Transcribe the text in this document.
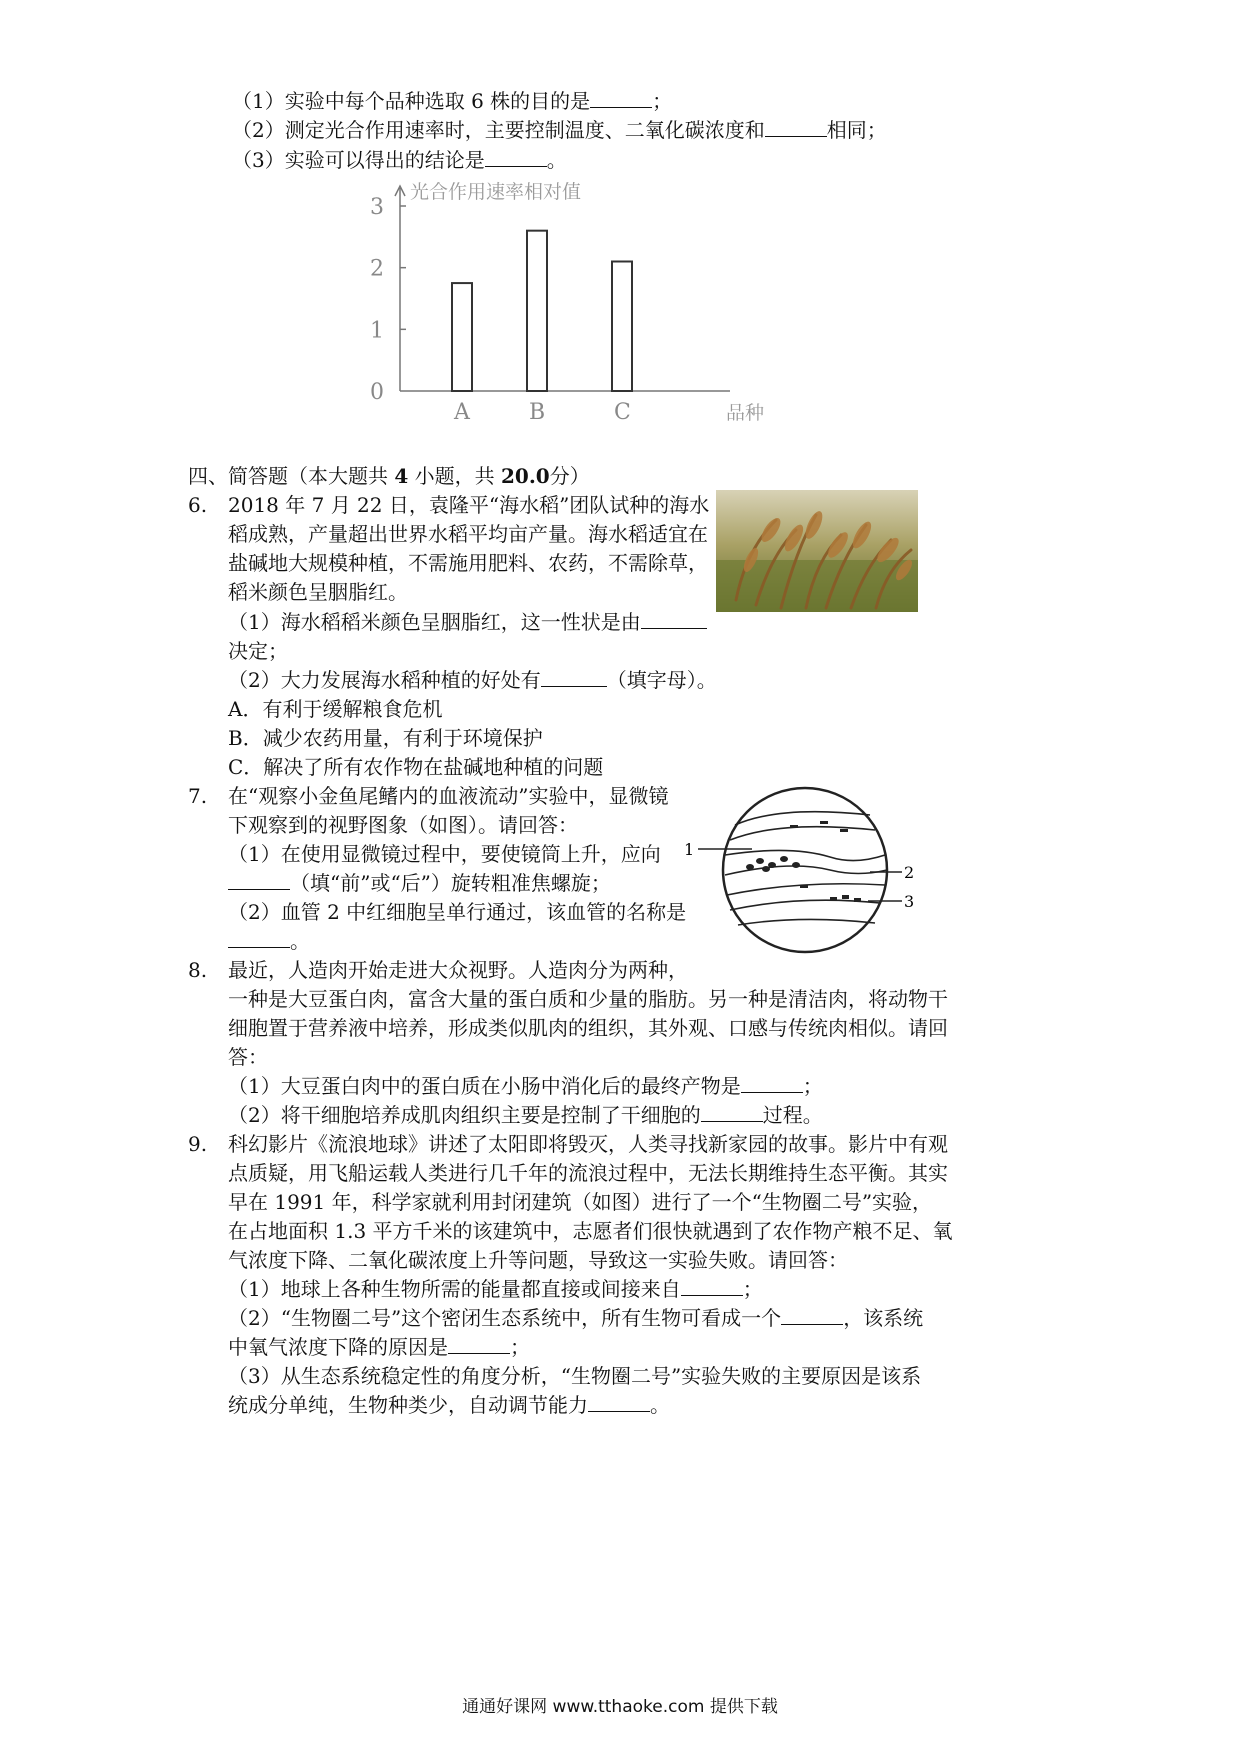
（1）实验中每个品种选取 6 株的目的是	；
（2）测定光合作用速率时，主要控制温度、二氧化碳浓度和	相同；
（3）实验可以得出的结论是	。
0
1
2
3
光合作用速率相对值
品种
A	B	C
四、简答题（本大题共 4 小题，共 20.0分）
6. 2018 年 7 月 22 日，袁隆平“海水稻”团队试种的海水
稻成熟，产量超出世界水稻平均亩产量。海水稻适宜在
盐碱地大规模种植，不需施用肥料、农药，不需除草，
稻米颜色呈胭脂红。
（1）海水稻稻米颜色呈胭脂红，这一性状是由
决定；
（2）大力发展海水稻种植的好处有	（填字母）。
A．有利于缓解粮食危机
B．减少农药用量，有利于环境保护
C．解决了所有农作物在盐碱地种植的问题
7. 在“观察小金鱼尾鳍内的血液流动”实验中，显微镜
下观察到的视野图象（如图）。请回答：
（1）在使用显微镜过程中，要使镜筒上升，应向
（填“前”或“后”）旋转粗准焦螺旋；
（2）血管 2 中红细胞呈单行通过，该血管的名称是
。
1
2
3
8. 最近，人造肉开始走进大众视野。人造肉分为两种，
一种是大豆蛋白肉，富含大量的蛋白质和少量的脂肪。另一种是清洁肉，将动物干
细胞置于营养液中培养，形成类似肌肉的组织，其外观、口感与传统肉相似。请回
答：
（1）大豆蛋白肉中的蛋白质在小肠中消化后的最终产物是	；
（2）将干细胞培养成肌肉组织主要是控制了干细胞的	过程。
9. 科幻影片《流浪地球》讲述了太阳即将毁灭，人类寻找新家园的故事。影片中有观
点质疑，用飞船运载人类进行几千年的流浪过程中，无法长期维持生态平衡。其实
早在 1991 年，科学家就利用封闭建筑（如图）进行了一个“生物圈二号”实验，
在占地面积 1.3 平方千米的该建筑中，志愿者们很快就遇到了农作物产粮不足、氧
气浓度下降、二氧化碳浓度上升等问题，导致这一实验失败。请回答：
（1）地球上各种生物所需的能量都直接或间接来自	；
（2）“生物圈二号”这个密闭生态系统中，所有生物可看成一个	，该系统
中氧气浓度下降的原因是	；
（3）从生态系统稳定性的角度分析，“生物圈二号”实验失败的主要原因是该系
统成分单纯，生物种类少，自动调节能力	。
通通好课网 www.tthaoke.com 提供下载
